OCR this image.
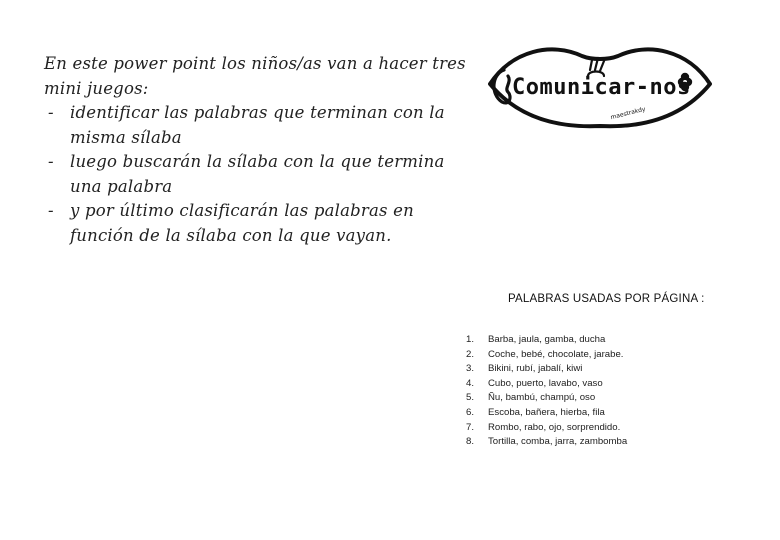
En este power point los niños/as van a hacer tres mini juegos:

- identificar las palabras que terminan con la misma sílaba
- luego buscarán la sílaba con la que termina una palabra
- y por último clasificarán las palabras en función de la sílaba con la que vayan.
Comunicar-nos
maestrakdy
PALABRAS USADAS POR PÁGINA :
1.	Barba, jaula, gamba, ducha
2.	Coche, bebé, chocolate, jarabe.
3.	Bikini, rubí, jabalí, kiwi
4.	Cubo, puerto, lavabo, vaso
5.	Ñu, bambú, champú, oso
6.	Escoba, bañera, hierba, fila
7.	Rombo, rabo, ojo, sorprendido.
8.	Tortilla, comba, jarra, zambomba
